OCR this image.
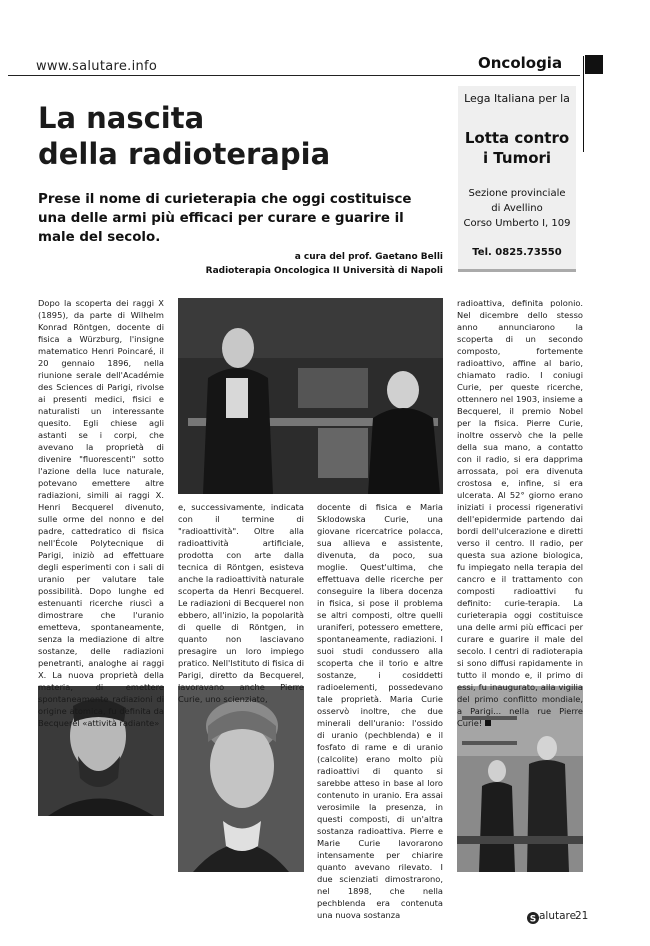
www.salutare.info	Oncologia
La nascita
della radioterapia
Prese il nome di curieterapia che oggi costituisce una delle armi più efficaci per curare e guarire il male del secolo.
a cura del prof. Gaetano Belli
Radioterapia Oncologica II Università di Napoli
Lega Italiana per la
Lotta contro
i Tumori
Sezione provinciale
di Avellino
Corso Umberto I, 109
Tel. 0825.73550

Dopo la scoperta dei raggi X (1895), da parte di Wilhelm Konrad Röntgen, docente di fisica a Würzburg, l'insigne matematico Henri Poincaré, il 20 gennaio 1896, nella riunione serale dell'Académie des Sciences di Parigi, rivolse ai presenti medici, fisici e naturalisti un interessante quesito. Egli chiese agli astanti se i corpi, che avevano la proprietà di divenire "fluorescenti" sotto l'azione della luce naturale, potevano emettere altre radiazioni, simili ai raggi X. Henri Becquerel divenuto, sulle orme del nonno e del padre, cattedratico di fisica nell'École Polytecnique di Parigi, iniziò ad effettuare degli esperimenti con i sali di uranio per valutare tale possibilità. Dopo lunghe ed estenuanti ricerche riuscì a dimostrare che l'uranio emetteva, spontaneamente, senza la mediazione di altre sostanze, delle radiazioni penetranti, analoghe ai raggi X. La nuova proprietà della materia, di emettere spontaneamente radiazioni di origine atomica, fu definita da Becquerel «attività radiante»

e, successivamente, indicata con il termine di "radioattività". Oltre alla radioattività artificiale, prodotta con arte dalla tecnica di Röntgen, esisteva anche la radioattività naturale scoperta da Henri Becquerel. Le radiazioni di Becquerel non ebbero, all'inizio, la popolarità di quelle di Röntgen, in quanto non lasciavano presagire un loro impiego pratico. Nell'Istituto di fisica di Parigi, diretto da Becquerel, lavoravano anche Pierre Curie, uno scienziato,

docente di fisica e Maria Sklodowska Curie, una giovane ricercatrice polacca, sua allieva e assistente, divenuta, da poco, sua moglie. Quest'ultima, che effettuava delle ricerche per conseguire la libera docenza in fisica, si pose il problema se altri composti, oltre quelli uraniferi, potessero emettere, spontaneamente, radiazioni. I suoi studi condussero alla scoperta che il torio e altre sostanze, i cosiddetti radioelementi, possedevano tale proprietà. Maria Curie osservò inoltre, che due minerali dell'uranio: l'ossido di uranio (pechblenda) e il fosfato di rame e di uranio (calcolite) erano molto più radioattivi di quanto si sarebbe atteso in base al loro contenuto in uranio. Era assai verosimile la presenza, in questi composti, di un'altra sostanza radioattiva. Pierre e Marie Curie lavorarono intensamente per chiarire quanto avevano rilevato. I due scienziati dimostrarono, nel 1898, che nella pechblenda era contenuta una nuova sostanza

radioattiva, definita polonio. Nel dicembre dello stesso anno annunciarono la scoperta di un secondo composto, fortemente radioattivo, affine al bario, chiamato radio. I coniugi Curie, per queste ricerche, ottennero nel 1903, insieme a Becquerel, il premio Nobel per la fisica. Pierre Curie, inoltre osservò che la pelle della sua mano, a contatto con il radio, si era dapprima arrossata, poi era divenuta crostosa e, infine, si era ulcerata. Al 52° giorno erano iniziati i processi rigenerativi dell'epidermide partendo dai bordi dell'ulcerazione e diretti verso il centro. Il radio, per questa sua azione biologica, fu impiegato nella terapia del cancro e il trattamento con composti radioattivi fu definito: curie-terapia. La curieterapia oggi costituisce una delle armi più efficaci per curare e guarire il male del secolo. I centri di radioterapia si sono diffusi rapidamente in tutto il mondo e, il primo di essi, fu inaugurato, alla vigilia del primo conflitto mondiale, a Parigi... nella rue Pierre Curie!

S alutare
21
